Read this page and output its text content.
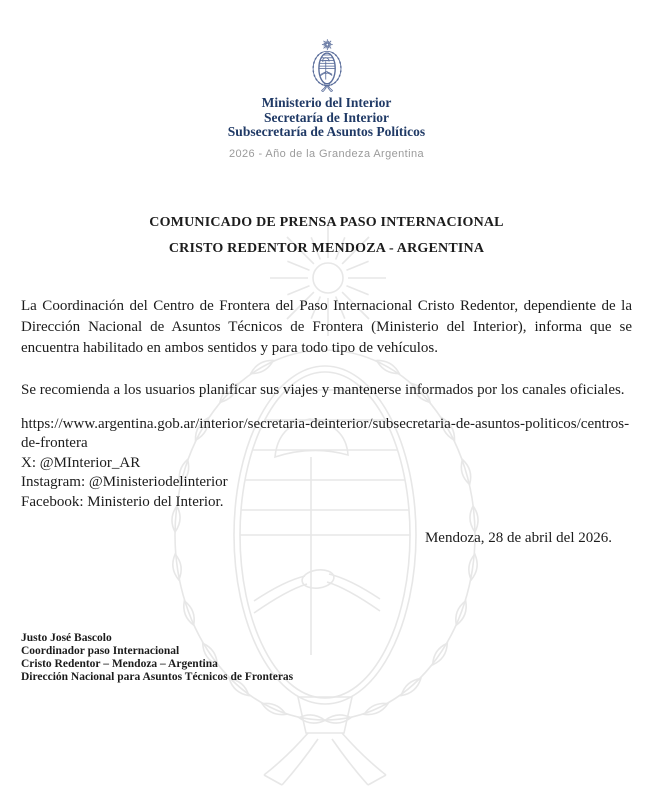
Ministerio del Interior
Secretaría de Interior
Subsecretaría de Asuntos Políticos
2026 - Año de la Grandeza Argentina
COMUNICADO DE PRENSA PASO INTERNACIONAL
CRISTO REDENTOR MENDOZA - ARGENTINA

La Coordinación del Centro de Frontera del Paso Internacional Cristo Redentor, dependiente de la Dirección Nacional de Asuntos Técnicos de Frontera (Ministerio del Interior), informa que se encuentra habilitado en ambos sentidos y para todo tipo de vehículos.

Se recomienda a los usuarios planificar sus viajes y mantenerse informados por los canales oficiales.

https://www.argentina.gob.ar/interior/secretaria-deinterior/subsecretaria-de-asuntos-politicos/centros-de-frontera
X: @MInterior_AR
Instagram: @Ministeriodelinterior
Facebook: Ministerio del Interior.
Mendoza, 28 de abril del 2026.
Justo José Bascolo
Coordinador paso Internacional
Cristo Redentor – Mendoza – Argentina
Dirección Nacional para Asuntos Técnicos de Fronteras
